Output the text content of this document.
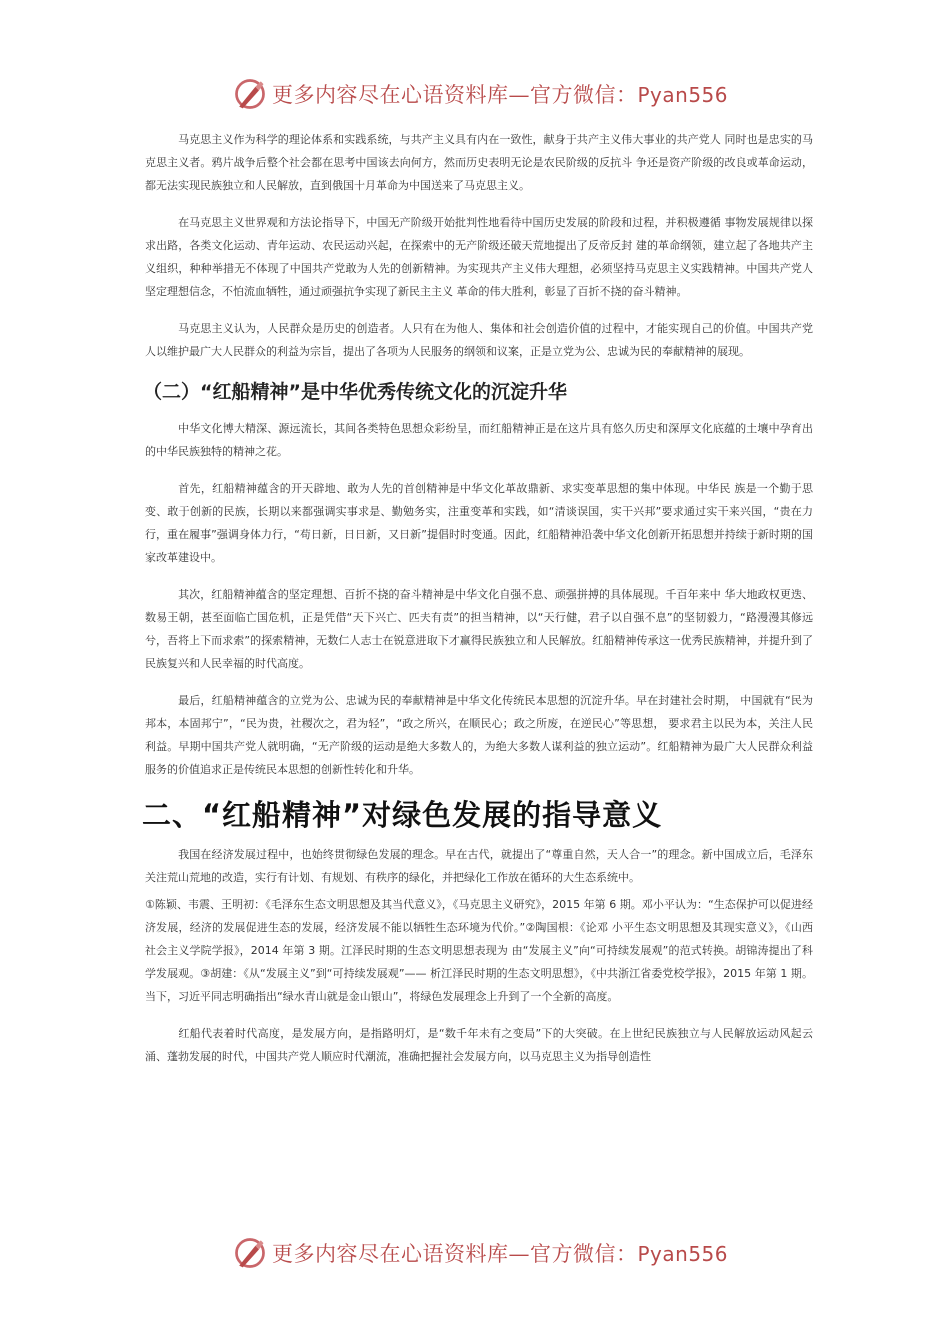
更多内容尽在心语资料库—官方微信：Pyan556

马克思主义作为科学的理论体系和实践系统，与共产主义具有内在一致性，献身于共产主义伟大事业的共产党人 同时也是忠实的马克思主义者。鸦片战争后整个社会都在思考中国该去向何方，然而历史表明无论是农民阶级的反抗斗 争还是资产阶级的改良或革命运动，都无法实现民族独立和人民解放，直到俄国十月革命为中国送来了马克思主义。

在马克思主义世界观和方法论指导下，中国无产阶级开始批判性地看待中国历史发展的阶段和过程，并积极遵循 事物发展规律以探求出路，各类文化运动、青年运动、农民运动兴起，在探索中的无产阶级还破天荒地提出了反帝反封 建的革命纲领，建立起了各地共产主义组织，种种举措无不体现了中国共产党敢为人先的创新精神。为实现共产主义伟大理想，必须坚持马克思主义实践精神。中国共产党人坚定理想信念，不怕流血牺牲，通过顽强抗争实现了新民主主义 革命的伟大胜利，彰显了百折不挠的奋斗精神。

马克思主义认为，人民群众是历史的创造者。人只有在为他人、集体和社会创造价值的过程中，才能实现自己的价值。中国共产党人以维护最广大人民群众的利益为宗旨，提出了各项为人民服务的纲领和议案，正是立党为公、忠诚为民的奉献精神的展现。

（二）“红船精神”是中华优秀传统文化的沉淀升华

中华文化博大精深、源远流长，其间各类特色思想众彩纷呈，而红船精神正是在这片具有悠久历史和深厚文化底蕴的土壤中孕育出的中华民族独特的精神之花。

首先，红船精神蕴含的开天辟地、敢为人先的首创精神是中华文化革故鼎新、求实变革思想的集中体现。中华民 族是一个勤于思变、敢于创新的民族，长期以来都强调实事求是、勤勉务实，注重变革和实践，如“清谈误国，实干兴邦”要求通过实干来兴国，“贵在力行，重在履事”强调身体力行，“苟日新，日日新，又日新”提倡时时变通。因此，红船精神沿袭中华文化创新开拓思想并持续于新时期的国家改革建设中。

其次，红船精神蕴含的坚定理想、百折不挠的奋斗精神是中华文化自强不息、顽强拼搏的具体展现。千百年来中 华大地政权更迭、数易王朝，甚至面临亡国危机，正是凭借“天下兴亡、匹夫有责”的担当精神，以“天行健，君子以自强不息”的坚韧毅力，“路漫漫其修远兮，吾将上下而求索”的探索精神，无数仁人志士在锐意进取下才赢得民族独立和人民解放。红船精神传承这一优秀民族精神，并提升到了民族复兴和人民幸福的时代高度。

最后，红船精神蕴含的立党为公、忠诚为民的奉献精神是中华文化传统民本思想的沉淀升华。早在封建社会时期， 中国就有“民为邦本，本固邦宁”，“民为贵，社稷次之，君为轻”，“政之所兴，在顺民心；政之所废，在逆民心”等思想， 要求君主以民为本，关注人民利益。早期中国共产党人就明确，“无产阶级的运动是绝大多数人的，为绝大多数人谋利益的独立运动”。红船精神为最广大人民群众利益服务的价值追求正是传统民本思想的创新性转化和升华。

二、“红船精神”对绿色发展的指导意义

我国在经济发展过程中，也始终贯彻绿色发展的理念。早在古代，就提出了“尊重自然，天人合一”的理念。新中国成立后，毛泽东关注荒山荒地的改造，实行有计划、有规划、有秩序的绿化，并把绿化工作放在循环的大生态系统中。

①陈颖、韦震、王明初：《毛泽东生态文明思想及其当代意义》，《马克思主义研究》，2015 年第 6 期。邓小平认为：“生态保护可以促进经济发展，经济的发展促进生态的发展，经济发展不能以牺牲生态环境为代价。”②陶国根：《论邓 小平生态文明思想及其现实意义》，《山西社会主义学院学报》，2014 年第 3 期。江泽民时期的生态文明思想表现为 由“发展主义”向“可持续发展观”的范式转换。胡锦涛提出了科学发展观。③胡建：《从“发展主义”到“可持续发展观”—— 析江泽民时期的生态文明思想》，《中共浙江省委党校学报》，2015 年第 1 期。当下，习近平同志明确指出“绿水青山就是金山银山”，将绿色发展理念上升到了一个全新的高度。

红船代表着时代高度，是发展方向，是指路明灯，是“数千年未有之变局”下的大突破。在上世纪民族独立与人民解放运动风起云涌、蓬勃发展的时代，中国共产党人顺应时代潮流，准确把握社会发展方向，以马克思主义为指导创造性

更多内容尽在心语资料库—官方微信：Pyan556
